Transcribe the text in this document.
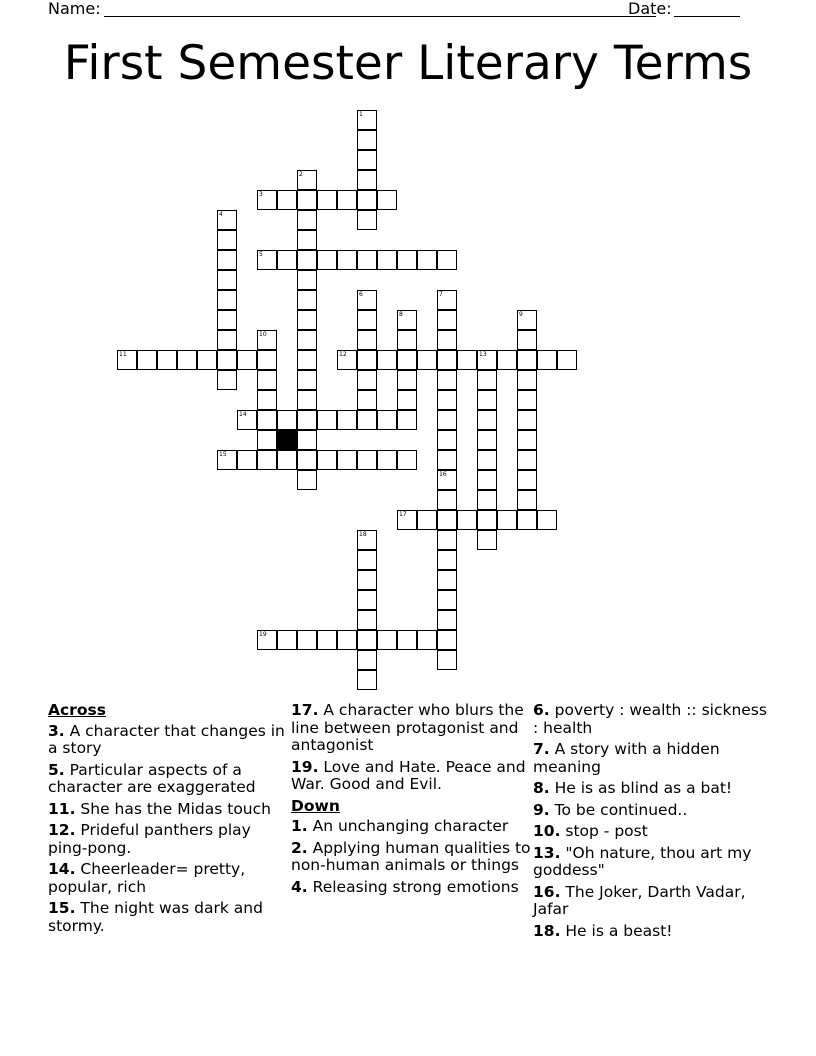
Name:	Date:
First Semester Literary Terms
1
2
3
4
5
6	7
8	9
10
11	12	13
14
15
16
17
18
19
Across
3. A character that changes in a story
5. Particular aspects of a character are exaggerated
11. She has the Midas touch
12. Prideful panthers play ping-pong.
14. Cheerleader= pretty, popular, rich
15. The night was dark and stormy.
17. A character who blurs the line between protagonist and antagonist
19. Love and Hate. Peace and War. Good and Evil.
Down
1. An unchanging character
2. Applying human qualities to non-human animals or things
4. Releasing strong emotions
6. poverty : wealth :: sickness : health
7. A story with a hidden meaning
8. He is as blind as a bat!
9. To be continued..
10. stop - post
13. "Oh nature, thou art my goddess"
16. The Joker, Darth Vadar, Jafar
18. He is a beast!
